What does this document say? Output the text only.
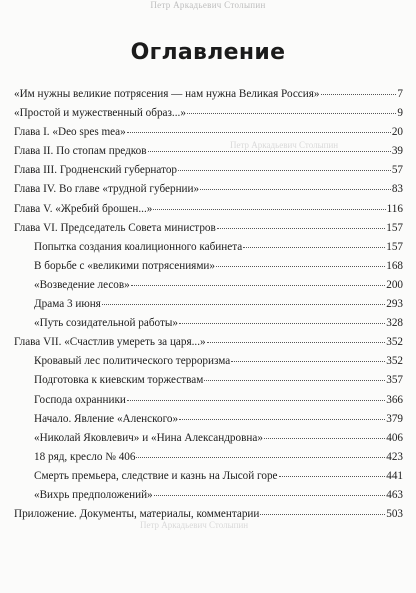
Петр Аркадьевич Столыпин
Петр Аркадьевич Столыпин
Петр Аркадьевич Столыпин
Оглавление
«Им нужны великие потрясения — нам нужна Великая Россия»	7
«Простой и мужественный образ...»	9
Глава I. «Deo spes mea»	20
Глава II. По стопам предков	39
Глава III. Гродненский губернатор	57
Глава IV. Во главе «трудной губернии»	83
Глава V. «Жребий брошен...»	116
Глава VI. Председатель Совета министров	157
Попытка создания коалиционного кабинета	157
В борьбе с «великими потрясениями»	168
«Возведение лесов»	200
Драма 3 июня	293
«Путь созидательной работы»	328
Глава VII. «Счастлив умереть за царя...»	352
Кровавый лес политического терроризма	352
Подготовка к киевским торжествам	357
Господа охранники	366
Начало. Явление «Аленского»	379
«Николай Яковлевич» и «Нина Александровна»	406
18 ряд, кресло № 406	423
Смерть премьера, следствие и казнь на Лысой горе	441
«Вихрь предположений»	463
Приложение. Документы, материалы, комментарии	503
